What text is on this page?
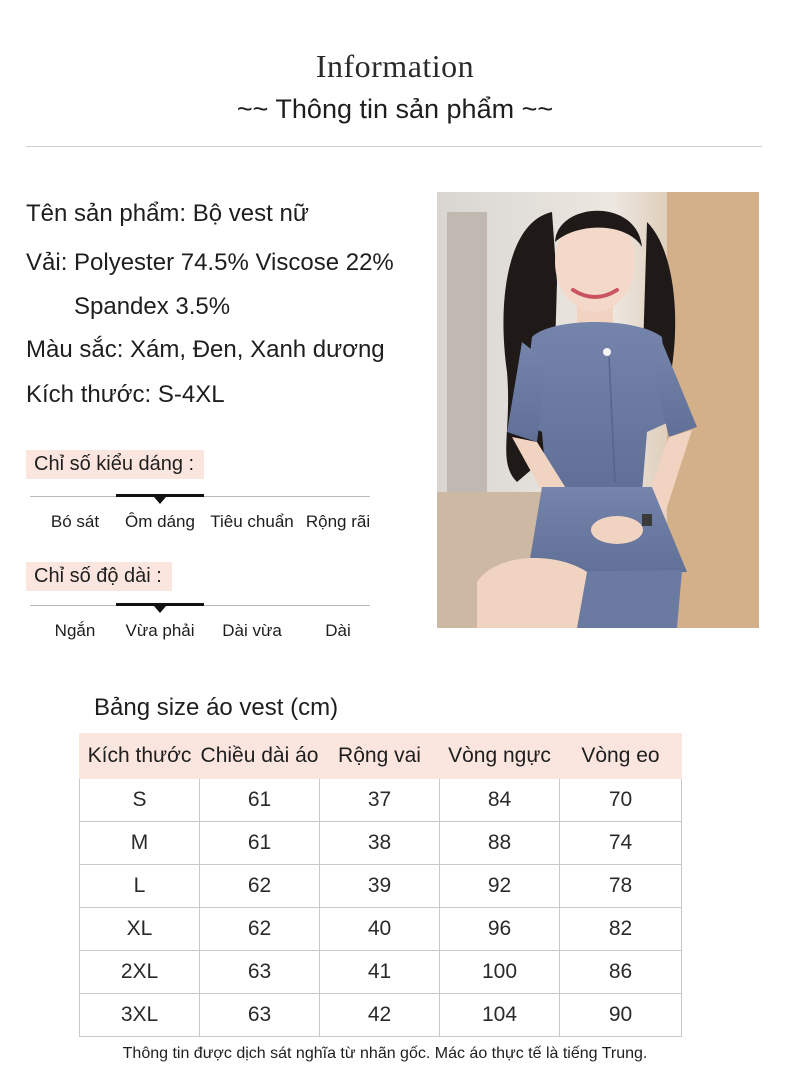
Information
~~ Thông tin sản phẩm ~~
Tên sản phẩm: Bộ vest nữ
Vải: Polyester 74.5% Viscose 22%
Spandex 3.5%
Màu sắc: Xám, Đen, Xanh dương
Kích thước: S-4XL
Chỉ số kiểu dáng :
Bó sát Ôm dáng Tiêu chuẩn Rộng rãi
Chỉ số độ dài :
Ngắn Vừa phải Dài vừa	Dài
Bảng size áo vest (cm)
Kích thước	Chiều dài áo	Rộng vai	Vòng ngực	Vòng eo
S	61	37	84	70
M	61	38	88	74
L	62	39	92	78
XL	62	40	96	82
2XL	63	41	100	86
3XL	63	42	104	90
Thông tin được dịch sát nghĩa từ nhãn gốc. Mác áo thực tế là tiếng Trung.
